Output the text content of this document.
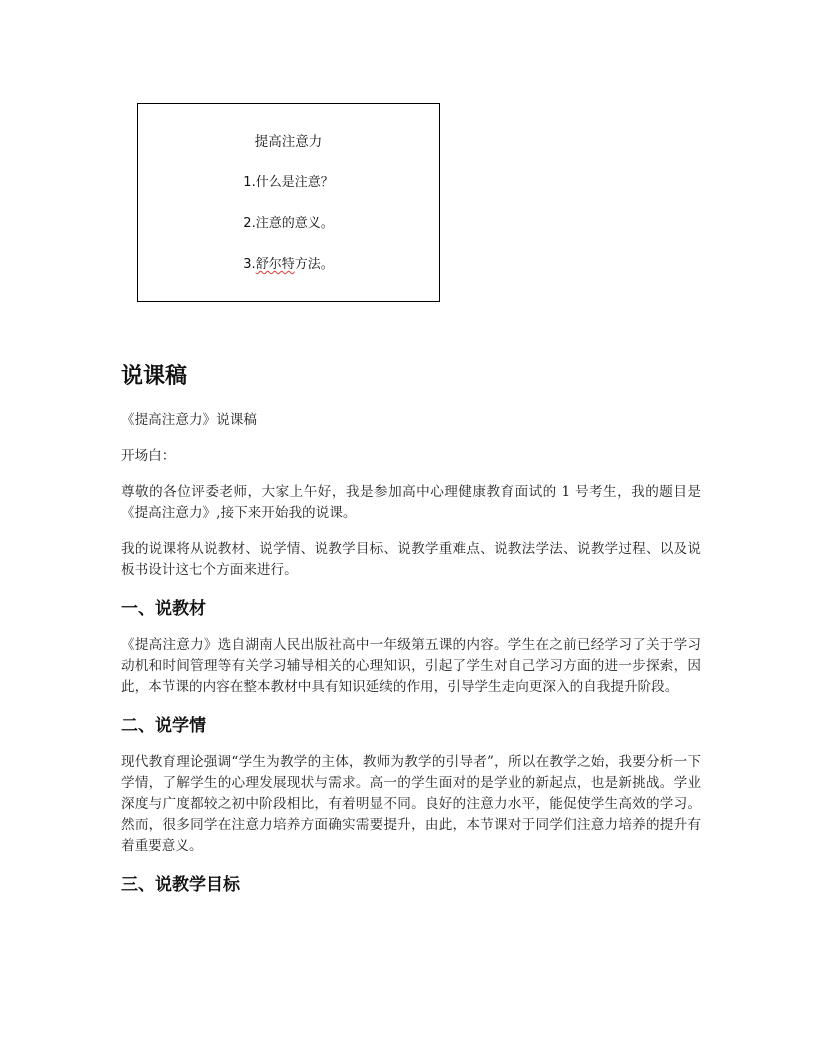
提高注意力
1.什么是注意？
2.注意的意义。
3.舒尔特方法。
说课稿

《提高注意力》说课稿

开场白：

尊敬的各位评委老师，大家上午好，我是参加高中心理健康教育面试的 1 号考生，我的题目是《提高注意力》,接下来开始我的说课。

我的说课将从说教材、说学情、说教学目标、说教学重难点、说教法学法、说教学过程、以及说板书设计这七个方面来进行。

一、说教材

《提高注意力》选自湖南人民出版社高中一年级第五课的内容。学生在之前已经学习了关于学习动机和时间管理等有关学习辅导相关的心理知识，引起了学生对自己学习方面的进一步探索，因此，本节课的内容在整本教材中具有知识延续的作用，引导学生走向更深入的自我提升阶段。

二、说学情

现代教育理论强调“学生为教学的主体，教师为教学的引导者”，所以在教学之始，我要分析一下学情，了解学生的心理发展现状与需求。高一的学生面对的是学业的新起点，也是新挑战。学业深度与广度都较之初中阶段相比，有着明显不同。良好的注意力水平，能促使学生高效的学习。然而，很多同学在注意力培养方面确实需要提升，由此，本节课对于同学们注意力培养的提升有着重要意义。

三、说教学目标
